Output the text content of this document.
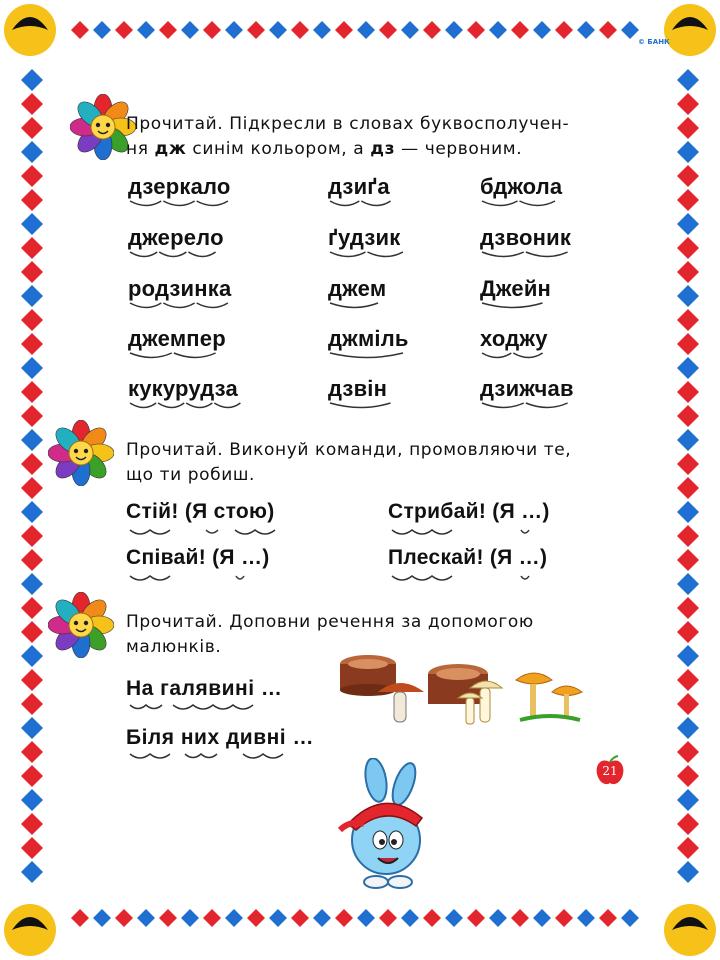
© БАНК
Прочитай. Підкресли в словах буквосполучен-
ня дж синім кольором, а дз — червоним.
дзеркало	дзиґа	бджола
джерело	ґудзик	дзвоник
родзинка	джем	Джейн
джемпер	джміль	ходжу
кукурудза	дзвін	дзижчав
Прочитай. Виконуй команди, промовляючи те,
що ти робиш.
Стій! (Я стою)	Стрибай! (Я …)
Співай! (Я …)	Плескай! (Я …)
Прочитай. Доповни речення за допомогою
малюнків.
На галявині …
Біля них дивні …
21
